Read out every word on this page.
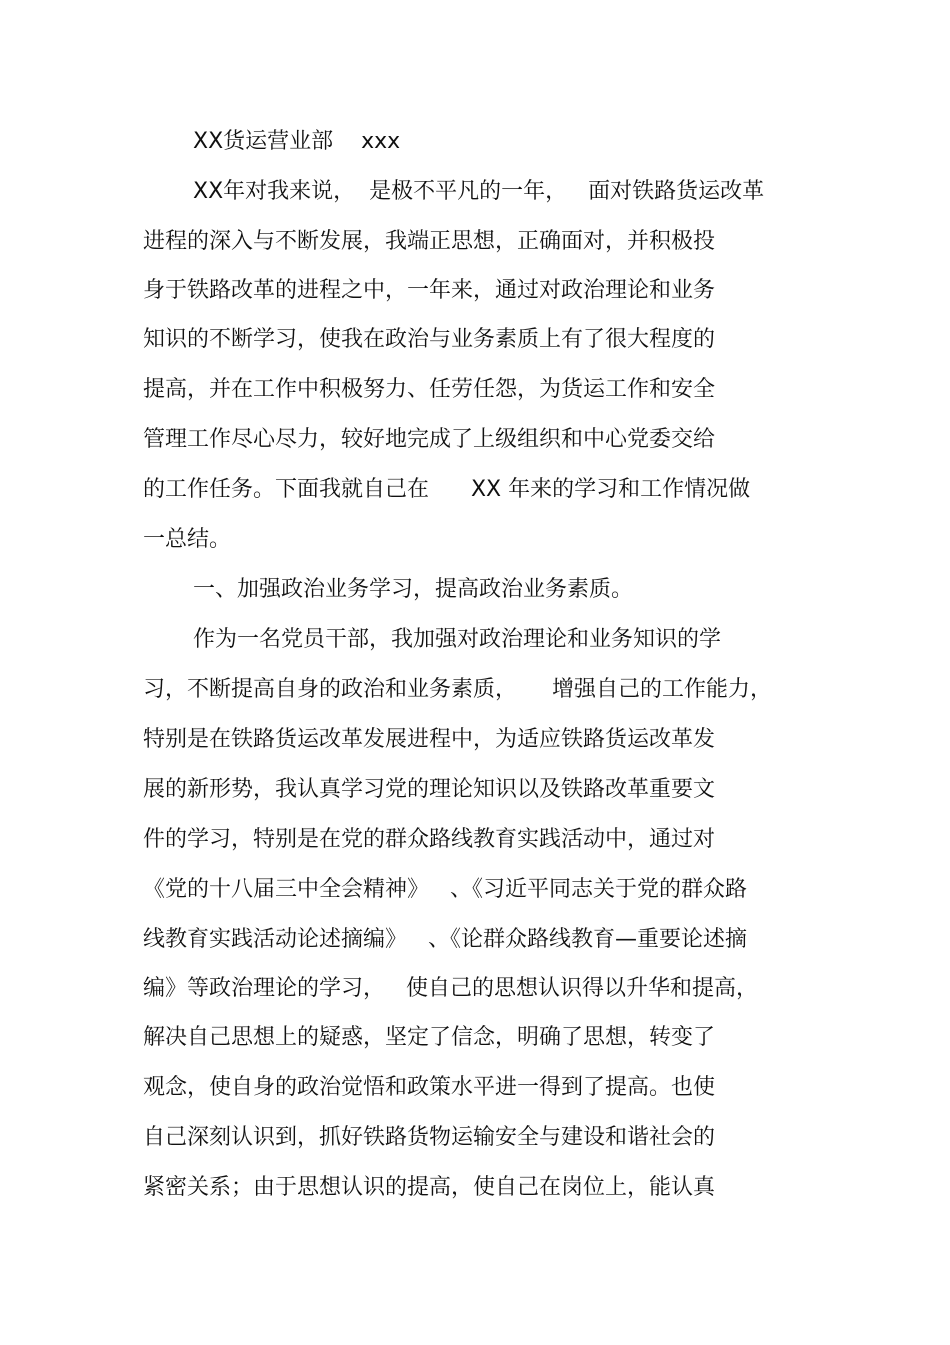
XX货运营业部    xxx

XX年对我来说，  是极不平凡的一年，   面对铁路货运改革

进程的深入与不断发展，我端正思想，正确面对，并积极投

身于铁路改革的进程之中，一年来，通过对政治理论和业务

知识的不断学习，使我在政治与业务素质上有了很大程度的

提高，并在工作中积极努力、任劳任怨，为货运工作和安全

管理工作尽心尽力，较好地完成了上级组织和中心党委交给

的工作任务。下面我就自己在      XX 年来的学习和工作情况做

一总结。

一、加强政治业务学习，提高政治业务素质。

作为一名党员干部，我加强对政治理论和业务知识的学

习，不断提高自身的政治和业务素质，     增强自己的工作能力，

特别是在铁路货运改革发展进程中，为适应铁路货运改革发

展的新形势，我认真学习党的理论知识以及铁路改革重要文

件的学习，特别是在党的群众路线教育实践活动中，通过对

《党的十八届三中全会精神》   、《习近平同志关于党的群众路

线教育实践活动论述摘编》   、《论群众路线教育—重要论述摘

编》等政治理论的学习，   使自己的思想认识得以升华和提高，

解决自己思想上的疑惑，坚定了信念，明确了思想，转变了

观念，使自身的政治觉悟和政策水平进一得到了提高。也使

自己深刻认识到，抓好铁路货物运输安全与建设和谐社会的

紧密关系；由于思想认识的提高，使自己在岗位上，能认真
